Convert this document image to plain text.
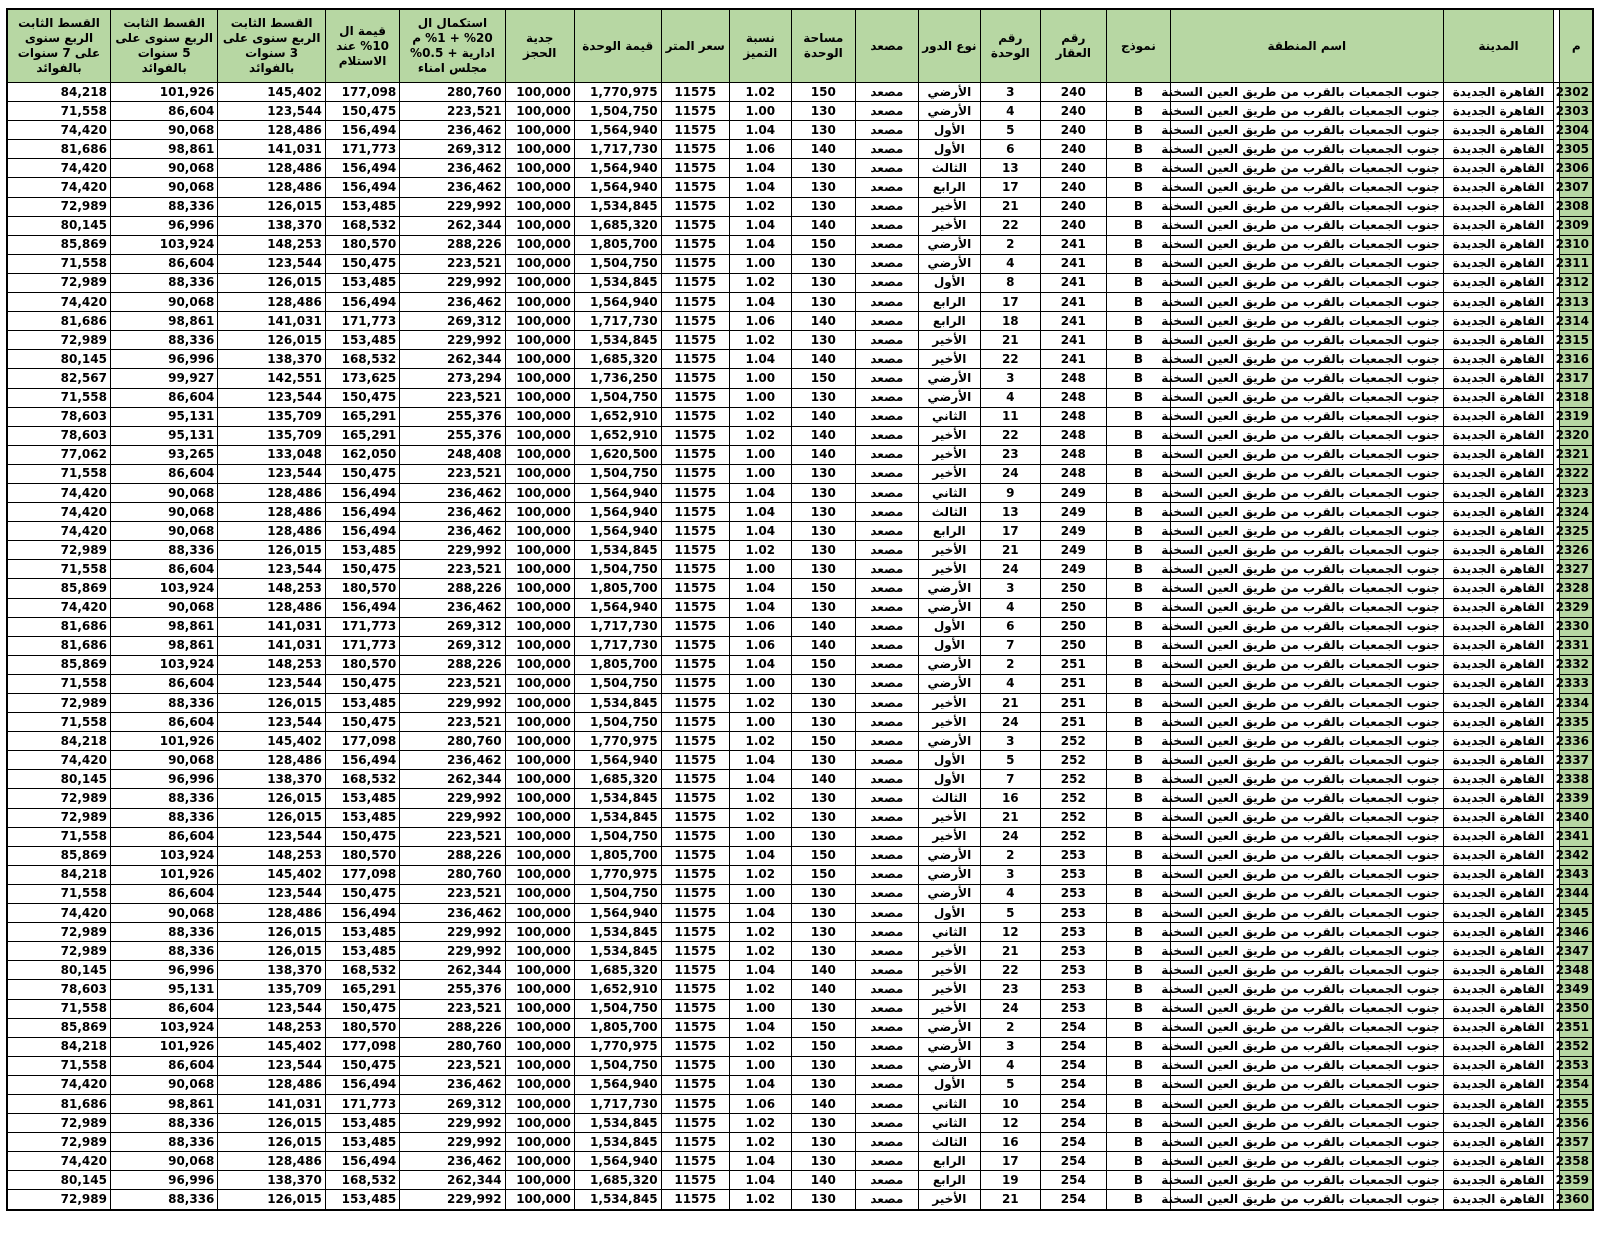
م		المدينة	اسم المنطقة	نموذج	رقم العقار	رقم الوحدة	نوع الدور	مصعد	مساحة الوحدة	نسبة التميز	سعر المتر	قيمة الوحدة	جدية الحجز	استكمال ال 20% + 1% م ادارية + 0.5% مجلس امناء	قيمة ال 10% عند الاستلام	القسط الثابت الربع سنوى على 3 سنوات بالفوائد	القسط الثابت الربع سنوى على 5 سنوات بالفوائد	القسط الثابت الربع سنوى على 7 سنوات بالفوائد
2302		القاهرة الجديدة	جنوب الجمعيات بالقرب من طريق العين السخنة	B	240	3	الأرضي	مصعد	150	1.02	11575	1,770,975	100,000	280,760	177,098	145,402	101,926	84,218
2303		القاهرة الجديدة	جنوب الجمعيات بالقرب من طريق العين السخنة	B	240	4	الأرضي	مصعد	130	1.00	11575	1,504,750	100,000	223,521	150,475	123,544	86,604	71,558
2304		القاهرة الجديدة	جنوب الجمعيات بالقرب من طريق العين السخنة	B	240	5	الأول	مصعد	130	1.04	11575	1,564,940	100,000	236,462	156,494	128,486	90,068	74,420
2305		القاهرة الجديدة	جنوب الجمعيات بالقرب من طريق العين السخنة	B	240	6	الأول	مصعد	140	1.06	11575	1,717,730	100,000	269,312	171,773	141,031	98,861	81,686
2306		القاهرة الجديدة	جنوب الجمعيات بالقرب من طريق العين السخنة	B	240	13	الثالث	مصعد	130	1.04	11575	1,564,940	100,000	236,462	156,494	128,486	90,068	74,420
2307		القاهرة الجديدة	جنوب الجمعيات بالقرب من طريق العين السخنة	B	240	17	الرابع	مصعد	130	1.04	11575	1,564,940	100,000	236,462	156,494	128,486	90,068	74,420
2308		القاهرة الجديدة	جنوب الجمعيات بالقرب من طريق العين السخنة	B	240	21	الأخير	مصعد	130	1.02	11575	1,534,845	100,000	229,992	153,485	126,015	88,336	72,989
2309		القاهرة الجديدة	جنوب الجمعيات بالقرب من طريق العين السخنة	B	240	22	الأخير	مصعد	140	1.04	11575	1,685,320	100,000	262,344	168,532	138,370	96,996	80,145
2310		القاهرة الجديدة	جنوب الجمعيات بالقرب من طريق العين السخنة	B	241	2	الأرضي	مصعد	150	1.04	11575	1,805,700	100,000	288,226	180,570	148,253	103,924	85,869
2311		القاهرة الجديدة	جنوب الجمعيات بالقرب من طريق العين السخنة	B	241	4	الأرضي	مصعد	130	1.00	11575	1,504,750	100,000	223,521	150,475	123,544	86,604	71,558
2312		القاهرة الجديدة	جنوب الجمعيات بالقرب من طريق العين السخنة	B	241	8	الأول	مصعد	130	1.02	11575	1,534,845	100,000	229,992	153,485	126,015	88,336	72,989
2313		القاهرة الجديدة	جنوب الجمعيات بالقرب من طريق العين السخنة	B	241	17	الرابع	مصعد	130	1.04	11575	1,564,940	100,000	236,462	156,494	128,486	90,068	74,420
2314		القاهرة الجديدة	جنوب الجمعيات بالقرب من طريق العين السخنة	B	241	18	الرابع	مصعد	140	1.06	11575	1,717,730	100,000	269,312	171,773	141,031	98,861	81,686
2315		القاهرة الجديدة	جنوب الجمعيات بالقرب من طريق العين السخنة	B	241	21	الأخير	مصعد	130	1.02	11575	1,534,845	100,000	229,992	153,485	126,015	88,336	72,989
2316		القاهرة الجديدة	جنوب الجمعيات بالقرب من طريق العين السخنة	B	241	22	الأخير	مصعد	140	1.04	11575	1,685,320	100,000	262,344	168,532	138,370	96,996	80,145
2317		القاهرة الجديدة	جنوب الجمعيات بالقرب من طريق العين السخنة	B	248	3	الأرضي	مصعد	150	1.00	11575	1,736,250	100,000	273,294	173,625	142,551	99,927	82,567
2318		القاهرة الجديدة	جنوب الجمعيات بالقرب من طريق العين السخنة	B	248	4	الأرضي	مصعد	130	1.00	11575	1,504,750	100,000	223,521	150,475	123,544	86,604	71,558
2319		القاهرة الجديدة	جنوب الجمعيات بالقرب من طريق العين السخنة	B	248	11	الثاني	مصعد	140	1.02	11575	1,652,910	100,000	255,376	165,291	135,709	95,131	78,603
2320		القاهرة الجديدة	جنوب الجمعيات بالقرب من طريق العين السخنة	B	248	22	الأخير	مصعد	140	1.02	11575	1,652,910	100,000	255,376	165,291	135,709	95,131	78,603
2321		القاهرة الجديدة	جنوب الجمعيات بالقرب من طريق العين السخنة	B	248	23	الأخير	مصعد	140	1.00	11575	1,620,500	100,000	248,408	162,050	133,048	93,265	77,062
2322		القاهرة الجديدة	جنوب الجمعيات بالقرب من طريق العين السخنة	B	248	24	الأخير	مصعد	130	1.00	11575	1,504,750	100,000	223,521	150,475	123,544	86,604	71,558
2323		القاهرة الجديدة	جنوب الجمعيات بالقرب من طريق العين السخنة	B	249	9	الثاني	مصعد	130	1.04	11575	1,564,940	100,000	236,462	156,494	128,486	90,068	74,420
2324		القاهرة الجديدة	جنوب الجمعيات بالقرب من طريق العين السخنة	B	249	13	الثالث	مصعد	130	1.04	11575	1,564,940	100,000	236,462	156,494	128,486	90,068	74,420
2325		القاهرة الجديدة	جنوب الجمعيات بالقرب من طريق العين السخنة	B	249	17	الرابع	مصعد	130	1.04	11575	1,564,940	100,000	236,462	156,494	128,486	90,068	74,420
2326		القاهرة الجديدة	جنوب الجمعيات بالقرب من طريق العين السخنة	B	249	21	الأخير	مصعد	130	1.02	11575	1,534,845	100,000	229,992	153,485	126,015	88,336	72,989
2327		القاهرة الجديدة	جنوب الجمعيات بالقرب من طريق العين السخنة	B	249	24	الأخير	مصعد	130	1.00	11575	1,504,750	100,000	223,521	150,475	123,544	86,604	71,558
2328		القاهرة الجديدة	جنوب الجمعيات بالقرب من طريق العين السخنة	B	250	3	الأرضي	مصعد	150	1.04	11575	1,805,700	100,000	288,226	180,570	148,253	103,924	85,869
2329		القاهرة الجديدة	جنوب الجمعيات بالقرب من طريق العين السخنة	B	250	4	الأرضي	مصعد	130	1.04	11575	1,564,940	100,000	236,462	156,494	128,486	90,068	74,420
2330		القاهرة الجديدة	جنوب الجمعيات بالقرب من طريق العين السخنة	B	250	6	الأول	مصعد	140	1.06	11575	1,717,730	100,000	269,312	171,773	141,031	98,861	81,686
2331		القاهرة الجديدة	جنوب الجمعيات بالقرب من طريق العين السخنة	B	250	7	الأول	مصعد	140	1.06	11575	1,717,730	100,000	269,312	171,773	141,031	98,861	81,686
2332		القاهرة الجديدة	جنوب الجمعيات بالقرب من طريق العين السخنة	B	251	2	الأرضي	مصعد	150	1.04	11575	1,805,700	100,000	288,226	180,570	148,253	103,924	85,869
2333		القاهرة الجديدة	جنوب الجمعيات بالقرب من طريق العين السخنة	B	251	4	الأرضي	مصعد	130	1.00	11575	1,504,750	100,000	223,521	150,475	123,544	86,604	71,558
2334		القاهرة الجديدة	جنوب الجمعيات بالقرب من طريق العين السخنة	B	251	21	الأخير	مصعد	130	1.02	11575	1,534,845	100,000	229,992	153,485	126,015	88,336	72,989
2335		القاهرة الجديدة	جنوب الجمعيات بالقرب من طريق العين السخنة	B	251	24	الأخير	مصعد	130	1.00	11575	1,504,750	100,000	223,521	150,475	123,544	86,604	71,558
2336		القاهرة الجديدة	جنوب الجمعيات بالقرب من طريق العين السخنة	B	252	3	الأرضي	مصعد	150	1.02	11575	1,770,975	100,000	280,760	177,098	145,402	101,926	84,218
2337		القاهرة الجديدة	جنوب الجمعيات بالقرب من طريق العين السخنة	B	252	5	الأول	مصعد	130	1.04	11575	1,564,940	100,000	236,462	156,494	128,486	90,068	74,420
2338		القاهرة الجديدة	جنوب الجمعيات بالقرب من طريق العين السخنة	B	252	7	الأول	مصعد	140	1.04	11575	1,685,320	100,000	262,344	168,532	138,370	96,996	80,145
2339		القاهرة الجديدة	جنوب الجمعيات بالقرب من طريق العين السخنة	B	252	16	الثالث	مصعد	130	1.02	11575	1,534,845	100,000	229,992	153,485	126,015	88,336	72,989
2340		القاهرة الجديدة	جنوب الجمعيات بالقرب من طريق العين السخنة	B	252	21	الأخير	مصعد	130	1.02	11575	1,534,845	100,000	229,992	153,485	126,015	88,336	72,989
2341		القاهرة الجديدة	جنوب الجمعيات بالقرب من طريق العين السخنة	B	252	24	الأخير	مصعد	130	1.00	11575	1,504,750	100,000	223,521	150,475	123,544	86,604	71,558
2342		القاهرة الجديدة	جنوب الجمعيات بالقرب من طريق العين السخنة	B	253	2	الأرضي	مصعد	150	1.04	11575	1,805,700	100,000	288,226	180,570	148,253	103,924	85,869
2343		القاهرة الجديدة	جنوب الجمعيات بالقرب من طريق العين السخنة	B	253	3	الأرضي	مصعد	150	1.02	11575	1,770,975	100,000	280,760	177,098	145,402	101,926	84,218
2344		القاهرة الجديدة	جنوب الجمعيات بالقرب من طريق العين السخنة	B	253	4	الأرضي	مصعد	130	1.00	11575	1,504,750	100,000	223,521	150,475	123,544	86,604	71,558
2345		القاهرة الجديدة	جنوب الجمعيات بالقرب من طريق العين السخنة	B	253	5	الأول	مصعد	130	1.04	11575	1,564,940	100,000	236,462	156,494	128,486	90,068	74,420
2346		القاهرة الجديدة	جنوب الجمعيات بالقرب من طريق العين السخنة	B	253	12	الثاني	مصعد	130	1.02	11575	1,534,845	100,000	229,992	153,485	126,015	88,336	72,989
2347		القاهرة الجديدة	جنوب الجمعيات بالقرب من طريق العين السخنة	B	253	21	الأخير	مصعد	130	1.02	11575	1,534,845	100,000	229,992	153,485	126,015	88,336	72,989
2348		القاهرة الجديدة	جنوب الجمعيات بالقرب من طريق العين السخنة	B	253	22	الأخير	مصعد	140	1.04	11575	1,685,320	100,000	262,344	168,532	138,370	96,996	80,145
2349		القاهرة الجديدة	جنوب الجمعيات بالقرب من طريق العين السخنة	B	253	23	الأخير	مصعد	140	1.02	11575	1,652,910	100,000	255,376	165,291	135,709	95,131	78,603
2350		القاهرة الجديدة	جنوب الجمعيات بالقرب من طريق العين السخنة	B	253	24	الأخير	مصعد	130	1.00	11575	1,504,750	100,000	223,521	150,475	123,544	86,604	71,558
2351		القاهرة الجديدة	جنوب الجمعيات بالقرب من طريق العين السخنة	B	254	2	الأرضي	مصعد	150	1.04	11575	1,805,700	100,000	288,226	180,570	148,253	103,924	85,869
2352		القاهرة الجديدة	جنوب الجمعيات بالقرب من طريق العين السخنة	B	254	3	الأرضي	مصعد	150	1.02	11575	1,770,975	100,000	280,760	177,098	145,402	101,926	84,218
2353		القاهرة الجديدة	جنوب الجمعيات بالقرب من طريق العين السخنة	B	254	4	الأرضي	مصعد	130	1.00	11575	1,504,750	100,000	223,521	150,475	123,544	86,604	71,558
2354		القاهرة الجديدة	جنوب الجمعيات بالقرب من طريق العين السخنة	B	254	5	الأول	مصعد	130	1.04	11575	1,564,940	100,000	236,462	156,494	128,486	90,068	74,420
2355		القاهرة الجديدة	جنوب الجمعيات بالقرب من طريق العين السخنة	B	254	10	الثاني	مصعد	140	1.06	11575	1,717,730	100,000	269,312	171,773	141,031	98,861	81,686
2356		القاهرة الجديدة	جنوب الجمعيات بالقرب من طريق العين السخنة	B	254	12	الثاني	مصعد	130	1.02	11575	1,534,845	100,000	229,992	153,485	126,015	88,336	72,989
2357		القاهرة الجديدة	جنوب الجمعيات بالقرب من طريق العين السخنة	B	254	16	الثالث	مصعد	130	1.02	11575	1,534,845	100,000	229,992	153,485	126,015	88,336	72,989
2358		القاهرة الجديدة	جنوب الجمعيات بالقرب من طريق العين السخنة	B	254	17	الرابع	مصعد	130	1.04	11575	1,564,940	100,000	236,462	156,494	128,486	90,068	74,420
2359		القاهرة الجديدة	جنوب الجمعيات بالقرب من طريق العين السخنة	B	254	19	الرابع	مصعد	140	1.04	11575	1,685,320	100,000	262,344	168,532	138,370	96,996	80,145
2360		القاهرة الجديدة	جنوب الجمعيات بالقرب من طريق العين السخنة	B	254	21	الأخير	مصعد	130	1.02	11575	1,534,845	100,000	229,992	153,485	126,015	88,336	72,989
